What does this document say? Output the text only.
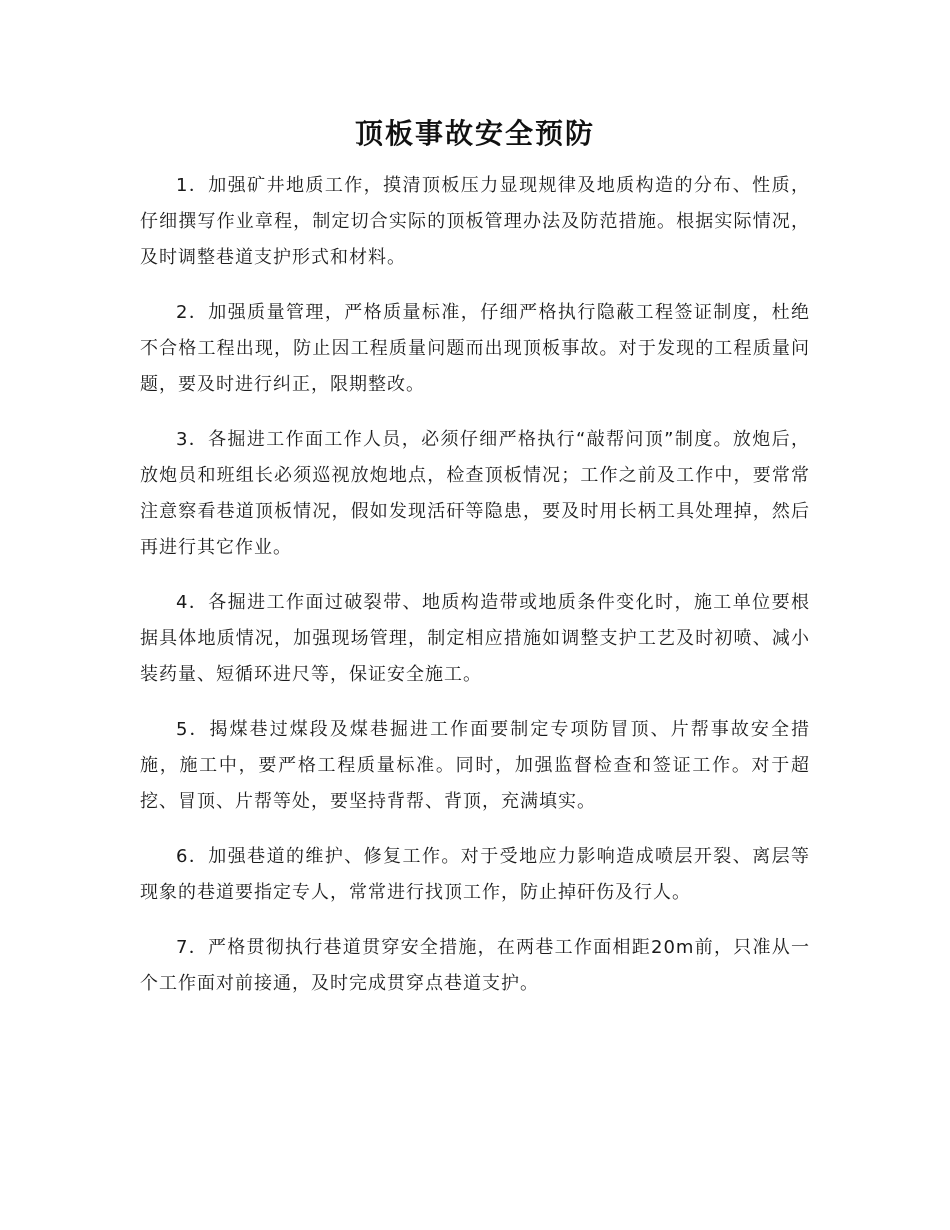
顶板事故安全预防

1．加强矿井地质工作，摸清顶板压力显现规律及地质构造的分布、性质，仔细撰写作业章程，制定切合实际的顶板管理办法及防范措施。根据实际情况，及时调整巷道支护形式和材料。

2．加强质量管理，严格质量标准，仔细严格执行隐蔽工程签证制度，杜绝不合格工程出现，防止因工程质量问题而出现顶板事故。对于发现的工程质量问题，要及时进行纠正，限期整改。

3．各掘进工作面工作人员，必须仔细严格执行“敲帮问顶”制度。放炮后，放炮员和班组长必须巡视放炮地点，检查顶板情况；工作之前及工作中，要常常注意察看巷道顶板情况，假如发现活矸等隐患，要及时用长柄工具处理掉，然后再进行其它作业。

4．各掘进工作面过破裂带、地质构造带或地质条件变化时，施工单位要根据具体地质情况，加强现场管理，制定相应措施如调整支护工艺及时初喷、减小装药量、短循环进尺等，保证安全施工。

5．揭煤巷过煤段及煤巷掘进工作面要制定专项防冒顶、片帮事故安全措施，施工中，要严格工程质量标准。同时，加强监督检查和签证工作。对于超挖、冒顶、片帮等处，要坚持背帮、背顶，充满填实。

6．加强巷道的维护、修复工作。对于受地应力影响造成喷层开裂、离层等现象的巷道要指定专人，常常进行找顶工作，防止掉矸伤及行人。

7．严格贯彻执行巷道贯穿安全措施，在两巷工作面相距20m前，只准从一个工作面对前接通，及时完成贯穿点巷道支护。
